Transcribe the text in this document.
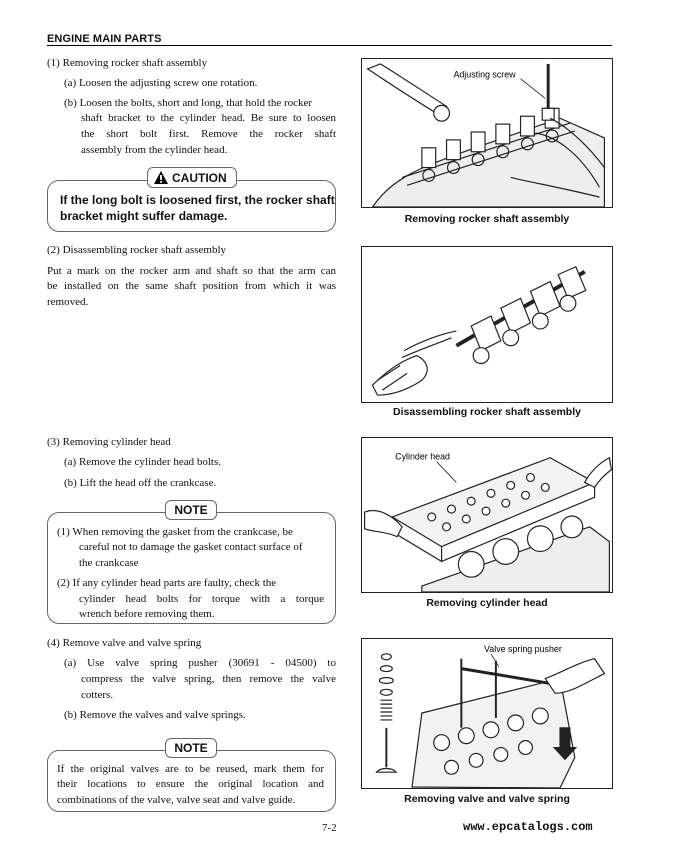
ENGINE MAIN PARTS
(1) Removing rocker shaft assembly
(a) Loosen the adjusting screw one rotation.
(b) Loosen the bolts, short and long, that hold the rocker
shaft bracket to the cylinder head. Be sure to loosen
the short bolt first. Remove the rocker shaft
assembly from the cylinder head.
CAUTION
If the long bolt is loosened first, the rocker shaft
bracket might suffer damage.
Adjusting screw
Removing rocker shaft assembly
(2) Disassembling rocker shaft assembly
Put a mark on the rocker arm and shaft so that the arm can
be installed on the same shaft position from which it was
removed.
Disassembling rocker shaft assembly
(3) Removing cylinder head
(a) Remove the cylinder head bolts.
(b) Lift the head off the crankcase.
NOTE
(1) When removing the gasket from the crankcase, be
careful not to damage the gasket contact surface of
the crankcase
(2) If any cylinder head parts are faulty, check the
cylinder head bolts for torque with a torque
wrench before removing them.
Cylinder head
Removing cylinder head
(4) Remove valve and valve spring
(a) Use valve spring pusher (30691 - 04500) to
compress the valve spring, then remove the valve
cotters.
(b) Remove the valves and valve springs.
NOTE
If the original valves are to be reused, mark them for
their locations to ensure the original location and
combinations of the valve, valve seat and valve guide.
Valve spring pusher
Removing valve and valve spring
7-2	www.epcatalogs.com
